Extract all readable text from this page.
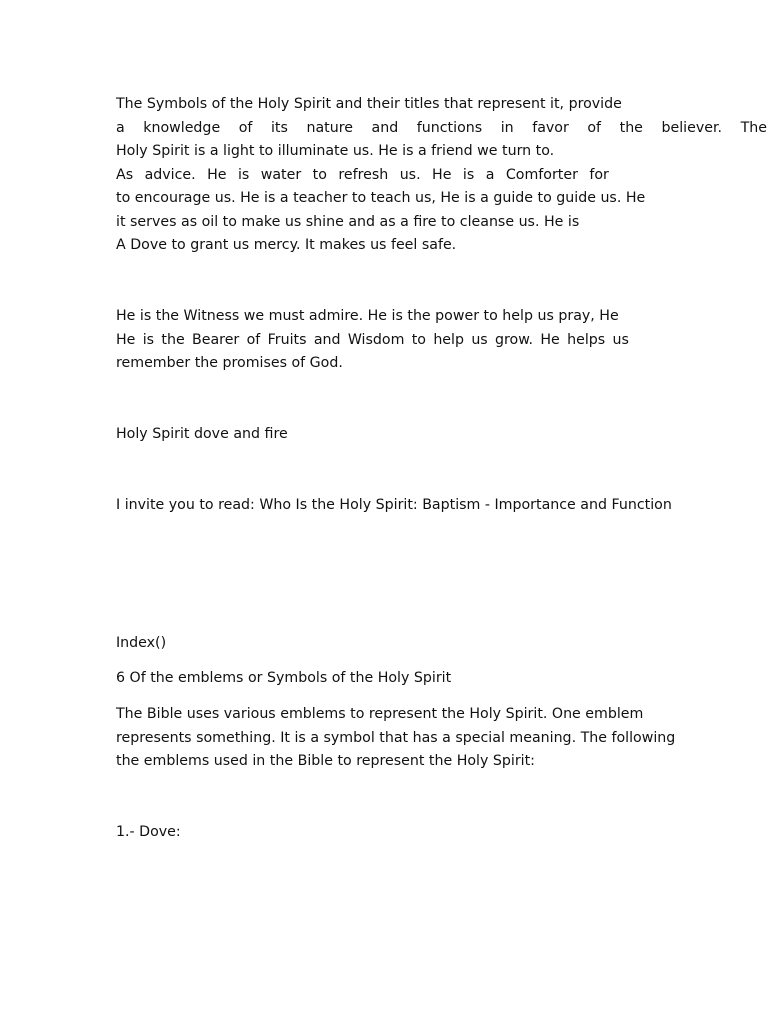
The Symbols of the Holy Spirit and their titles that represent it, provide
a knowledge of its nature and functions in favor of the believer. The
Holy Spirit is a light to illuminate us. He is a friend we turn to.
As advice. He is water to refresh us. He is a Comforter for
to encourage us. He is a teacher to teach us, He is a guide to guide us. He
it serves as oil to make us shine and as a fire to cleanse us. He is
A Dove to grant us mercy. It makes us feel safe.
He is the Witness we must admire. He is the power to help us pray, He
He is the Bearer of Fruits and Wisdom to help us grow. He helps us
remember the promises of God.
Holy Spirit dove and fire
I invite you to read: Who Is the Holy Spirit: Baptism - Importance and Function
Index()
6 Of the emblems or Symbols of the Holy Spirit
The Bible uses various emblems to represent the Holy Spirit. One emblem
represents something. It is a symbol that has a special meaning. The following
the emblems used in the Bible to represent the Holy Spirit:
1.- Dove:
